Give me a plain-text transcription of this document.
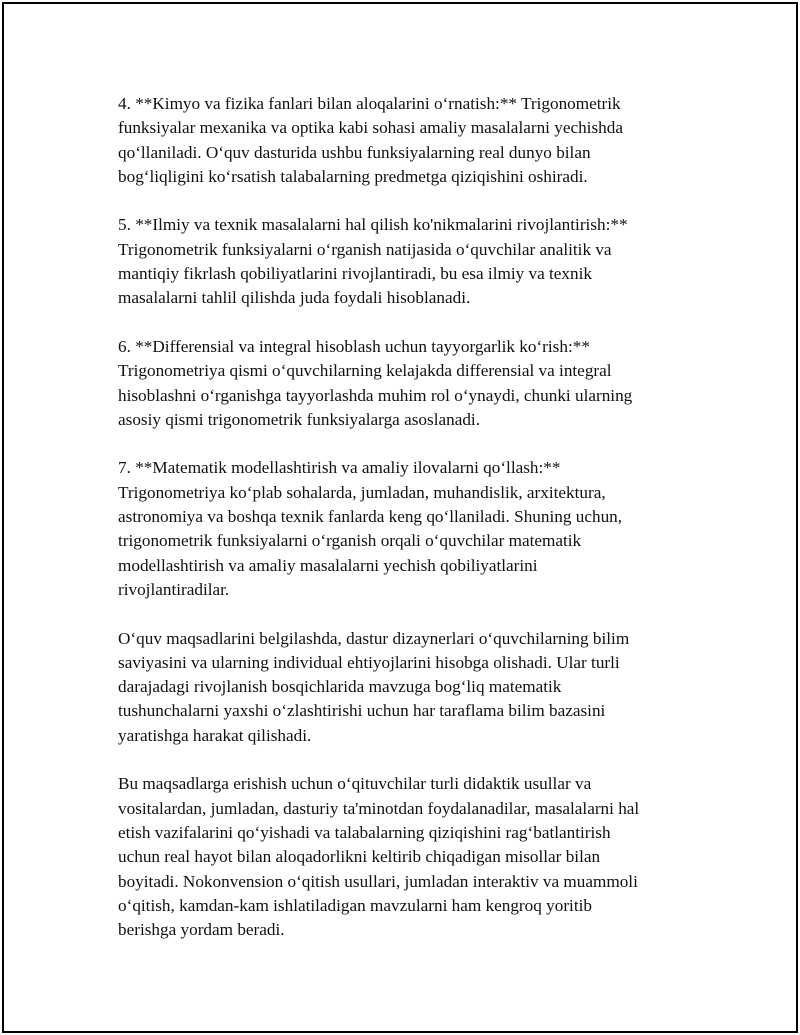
4. **Kimyo va fizika fanlari bilan aloqalarini o‘rnatish:** Trigonometrik
funksiyalar mexanika va optika kabi sohasi amaliy masalalarni yechishda
qo‘llaniladi. O‘quv dasturida ushbu funksiyalarning real dunyo bilan
bog‘liqligini ko‘rsatish talabalarning predmetga qiziqishini oshiradi.

5. **Ilmiy va texnik masalalarni hal qilish ko'nikmalarini rivojlantirish:**
Trigonometrik funksiyalarni o‘rganish natijasida o‘quvchilar analitik va
mantiqiy fikrlash qobiliyatlarini rivojlantiradi, bu esa ilmiy va texnik
masalalarni tahlil qilishda juda foydali hisoblanadi.

6. **Differensial va integral hisoblash uchun tayyorgarlik ko‘rish:**
Trigonometriya qismi o‘quvchilarning kelajakda differensial va integral
hisoblashni o‘rganishga tayyorlashda muhim rol o‘ynaydi, chunki ularning
asosiy qismi trigonometrik funksiyalarga asoslanadi.

7. **Matematik modellashtirish va amaliy ilovalarni qo‘llash:**
Trigonometriya ko‘plab sohalarda, jumladan, muhandislik, arxitektura,
astronomiya va boshqa texnik fanlarda keng qo‘llaniladi. Shuning uchun,
trigonometrik funksiyalarni o‘rganish orqali o‘quvchilar matematik
modellashtirish va amaliy masalalarni yechish qobiliyatlarini
rivojlantiradilar.

O‘quv maqsadlarini belgilashda, dastur dizaynerlari o‘quvchilarning bilim
saviyasini va ularning individual ehtiyojlarini hisobga olishadi. Ular turli
darajadagi rivojlanish bosqichlarida mavzuga bog‘liq matematik
tushunchalarni yaxshi o‘zlashtirishi uchun har taraflama bilim bazasini
yaratishga harakat qilishadi.

Bu maqsadlarga erishish uchun o‘qituvchilar turli didaktik usullar va
vositalardan, jumladan, dasturiy ta'minotdan foydalanadilar, masalalarni hal
etish vazifalarini qo‘yishadi va talabalarning qiziqishini rag‘batlantirish
uchun real hayot bilan aloqadorlikni keltirib chiqadigan misollar bilan
boyitadi. Nokonvension o‘qitish usullari, jumladan interaktiv va muammoli
o‘qitish, kamdan-kam ishlatiladigan mavzularni ham kengroq yoritib
berishga yordam beradi.
